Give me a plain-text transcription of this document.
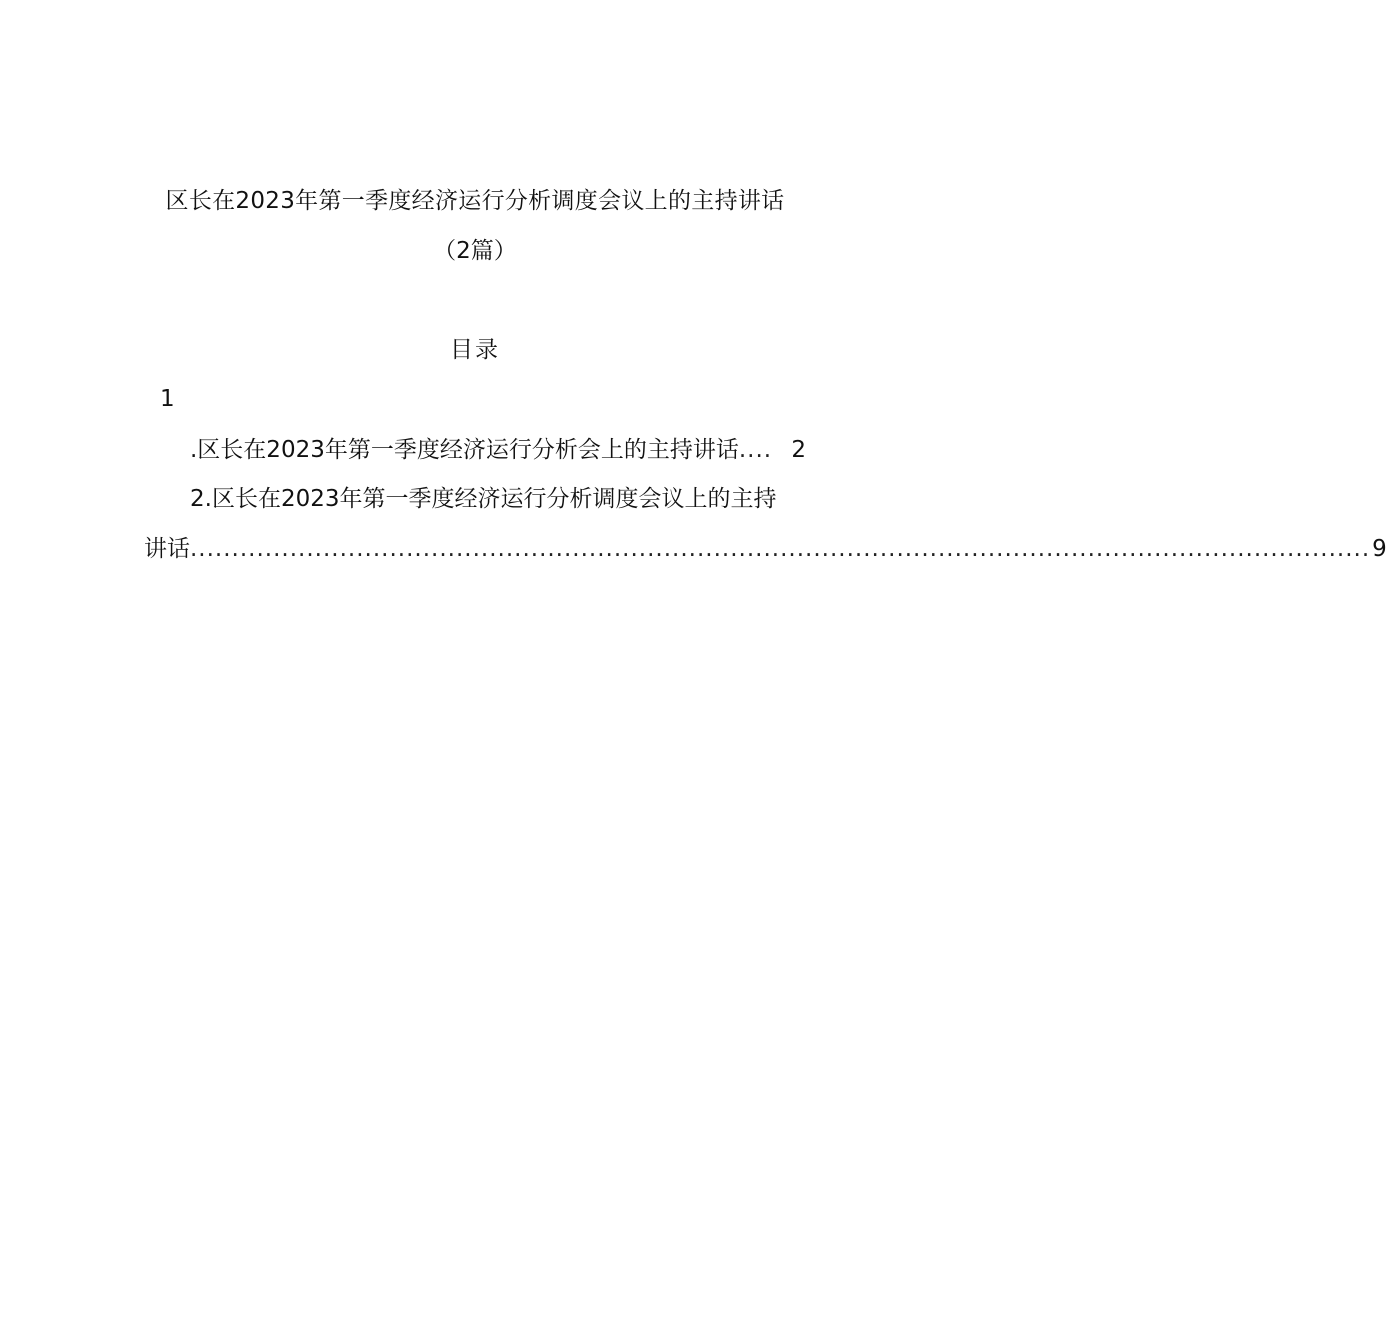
区长在2023年第一季度经济运行分析调度会议上的主持讲话
（2篇）
目录
1
.区长在2023年第一季度经济运行分析会上的主持讲话 .... 2
2.区长在2023年第一季度经济运行分析调度会议上的主持
讲话 .............................................................................................................................................. 9
